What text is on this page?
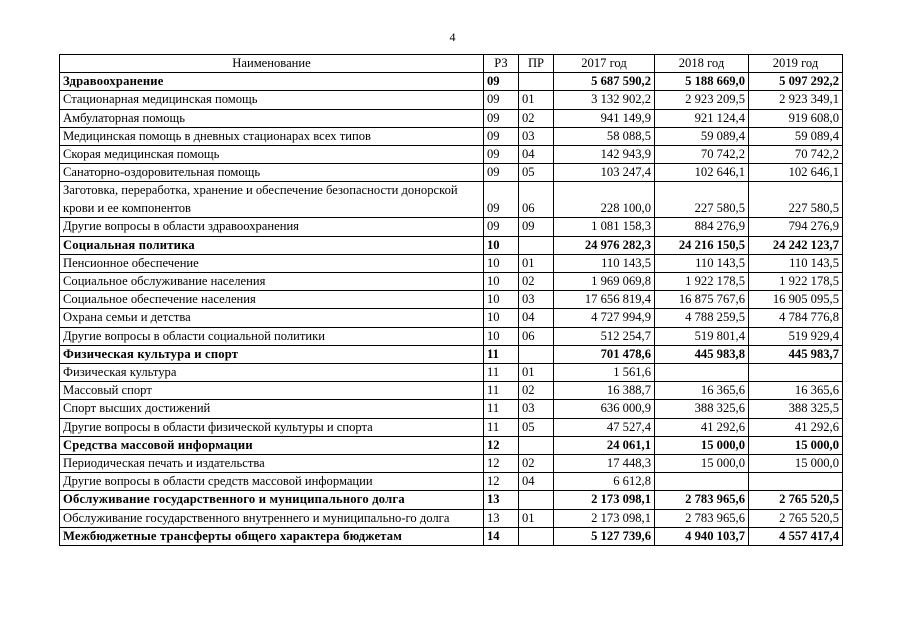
4
Наименование	РЗ	ПР	2017 год	2018 год	2019 год
Здравоохранение	09		5 687 590,2	5 188 669,0	5 097 292,2
Стационарная медицинская помощь	09	01	3 132 902,2	2 923 209,5	2 923 349,1
Амбулаторная помощь	09	02	941 149,9	921 124,4	919 608,0
Медицинская помощь в дневных стационарах всех типов	09	03	58 088,5	59 089,4	59 089,4
Скорая медицинская помощь	09	04	142 943,9	70 742,2	70 742,2
Санаторно-оздоровительная помощь	09	05	103 247,4	102 646,1	102 646,1
Заготовка, переработка, хранение и обеспечение безопасности донорской крови и ее компонентов	09	06	228 100,0	227 580,5	227 580,5
Другие вопросы в области здравоохранения	09	09	1 081 158,3	884 276,9	794 276,9
Социальная политика	10		24 976 282,3	24 216 150,5	24 242 123,7
Пенсионное обеспечение	10	01	110 143,5	110 143,5	110 143,5
Социальное обслуживание населения	10	02	1 969 069,8	1 922 178,5	1 922 178,5
Социальное обеспечение населения	10	03	17 656 819,4	16 875 767,6	16 905 095,5
Охрана семьи и детства	10	04	4 727 994,9	4 788 259,5	4 784 776,8
Другие вопросы в области социальной политики	10	06	512 254,7	519 801,4	519 929,4
Физическая культура и спорт	11		701 478,6	445 983,8	445 983,7
Физическая культура	11	01	1 561,6		
Массовый спорт	11	02	16 388,7	16 365,6	16 365,6
Спорт высших достижений	11	03	636 000,9	388 325,6	388 325,5
Другие вопросы в области физической культуры и спорта	11	05	47 527,4	41 292,6	41 292,6
Средства массовой информации	12		24 061,1	15 000,0	15 000,0
Периодическая печать и издательства	12	02	17 448,3	15 000,0	15 000,0
Другие вопросы в области средств массовой информации	12	04	6 612,8		
Обслуживание государственного и муниципального долга	13		2 173 098,1	2 783 965,6	2 765 520,5
Обслуживание государственного внутреннего и муниципально-го долга	13	01	2 173 098,1	2 783 965,6	2 765 520,5
Межбюджетные трансферты общего характера бюджетам	14		5 127 739,6	4 940 103,7	4 557 417,4
